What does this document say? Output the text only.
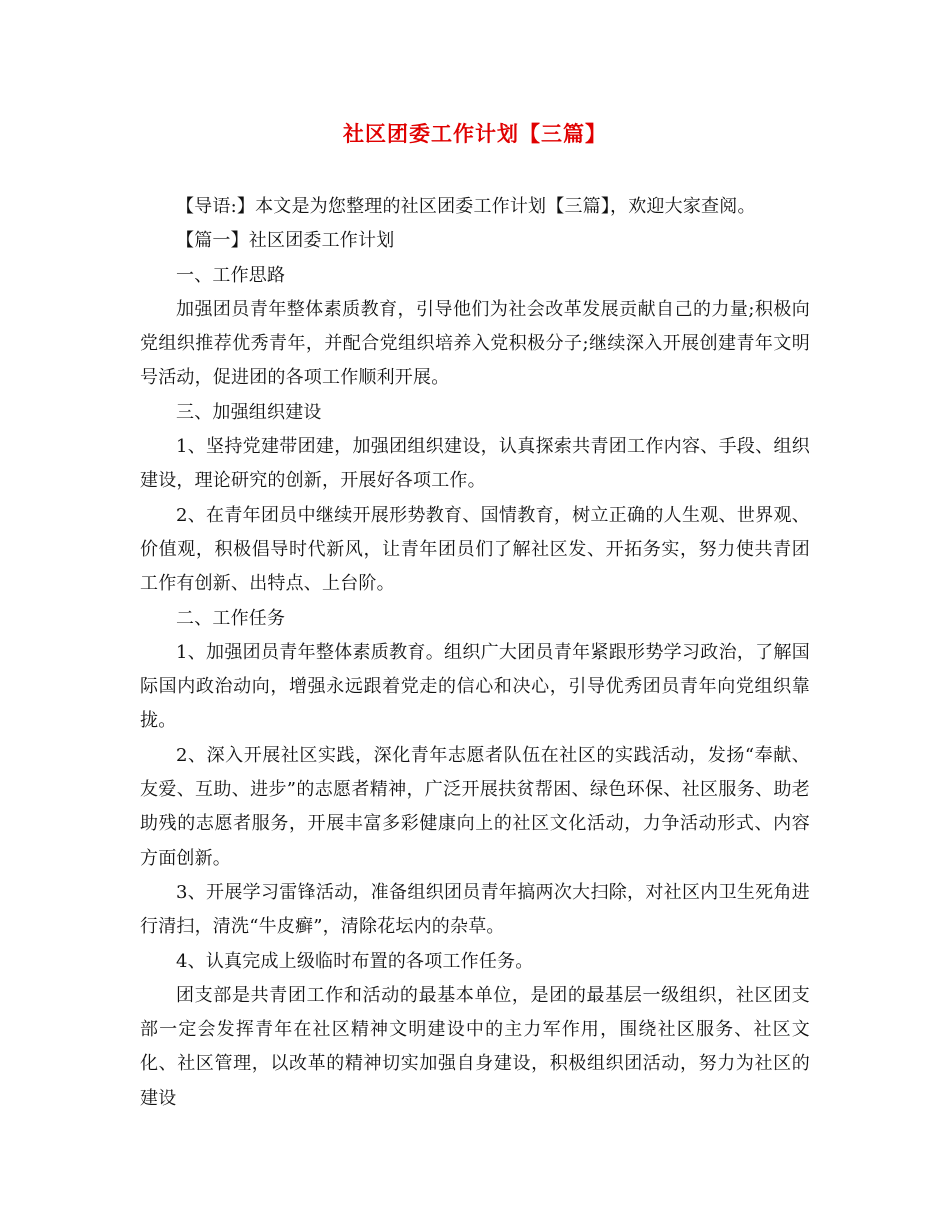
社区团委工作计划【三篇】

【导语:】本文是为您整理的社区团委工作计划【三篇】，欢迎大家查阅。

【篇一】社区团委工作计划

一、工作思路

加强团员青年整体素质教育，引导他们为社会改革发展贡献自己的力量;积极向党组织推荐优秀青年，并配合党组织培养入党积极分子;继续深入开展创建青年文明号活动，促进团的各项工作顺利开展。

三、加强组织建设

1、坚持党建带团建，加强团组织建设，认真探索共青团工作内容、手段、组织建设，理论研究的创新，开展好各项工作。

2、在青年团员中继续开展形势教育、国情教育，树立正确的人生观、世界观、价值观，积极倡导时代新风，让青年团员们了解社区发、开拓务实，努力使共青团工作有创新、出特点、上台阶。

二、工作任务

1、加强团员青年整体素质教育。组织广大团员青年紧跟形势学习政治，了解国际国内政治动向，增强永远跟着党走的信心和决心，引导优秀团员青年向党组织靠拢。

2、深入开展社区实践，深化青年志愿者队伍在社区的实践活动，发扬“奉献、友爱、互助、进步”的志愿者精神，广泛开展扶贫帮困、绿色环保、社区服务、助老助残的志愿者服务，开展丰富多彩健康向上的社区文化活动，力争活动形式、内容方面创新。

3、开展学习雷锋活动，准备组织团员青年搞两次大扫除，对社区内卫生死角进行清扫，清洗“牛皮癣”，清除花坛内的杂草。

4、认真完成上级临时布置的各项工作任务。

团支部是共青团工作和活动的最基本单位，是团的最基层一级组织，社区团支部一定会发挥青年在社区精神文明建设中的主力军作用，围绕社区服务、社区文化、社区管理，以改革的精神切实加强自身建设，积极组织团活动，努力为社区的建设
